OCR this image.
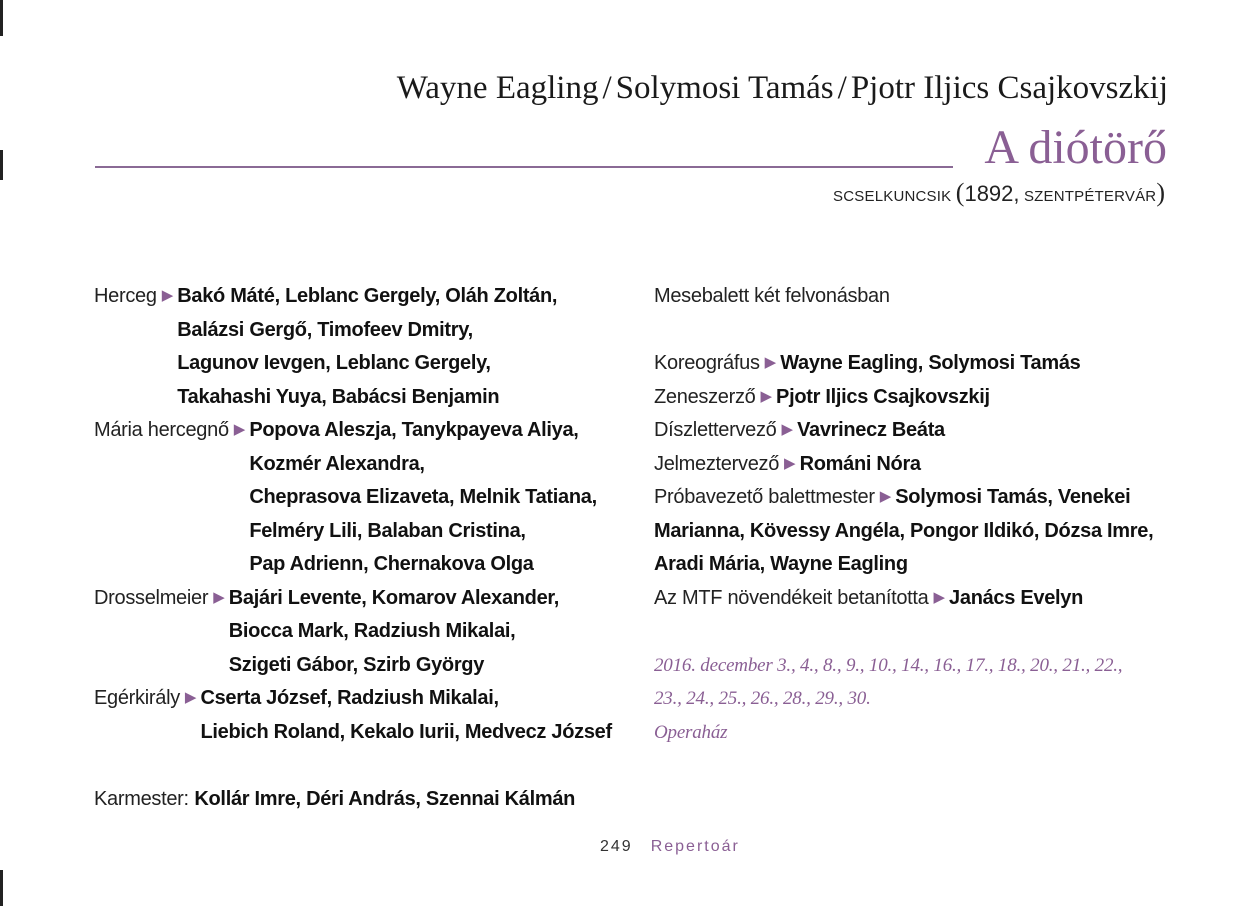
Wayne Eagling / Solymosi Tamás / Pjotr Iljics Csajkovszkij
A diótörő
SCSELKUNCSIK (1892, SZENTPÉTERVÁR)
Herceg ▶ Bakó Máté, Leblanc Gergely, Oláh Zoltán,
Balázsi Gergő, Timofeev Dmitry,
Lagunov Ievgen, Leblanc Gergely,
Takahashi Yuya, Babácsi Benjamin
Mária hercegnő ▶ Popova Aleszja, Tanykpayeva Aliya,
Kozmér Alexandra,
Cheprasova Elizaveta, Melnik Tatiana,
Felméry Lili, Balaban Cristina,
Pap Adrienn, Chernakova Olga
Drosselmeier ▶ Bajári Levente, Komarov Alexander,
Biocca Mark, Radziush Mikalai,
Szigeti Gábor, Szirb György
Egérkirály ▶ Cserta József, Radziush Mikalai,
Liebich Roland, Kekalo Iurii, Medvecz József
Karmester:
Kollár Imre, Déri András, Szennai Kálmán
Mesebalett két felvonásban
Koreográfus ▶ Wayne Eagling, Solymosi Tamás
Zeneszerző ▶ Pjotr Iljics Csajkovszkij
Díszlettervező ▶ Vavrinecz Beáta
Jelmeztervező ▶ Románi Nóra
Próbavezető balettmester ▶ Solymosi Tamás, Venekei
Marianna, Kövessy Angéla, Pongor Ildikó, Dózsa Imre,
Aradi Mária, Wayne Eagling
Az MTF növendékeit betanította ▶ Janács Evelyn
2016. december 3., 4., 8., 9., 10., 14., 16., 17., 18., 20., 21., 22.,
23., 24., 25., 26., 28., 29., 30.
Operaház
249 Repertoár
